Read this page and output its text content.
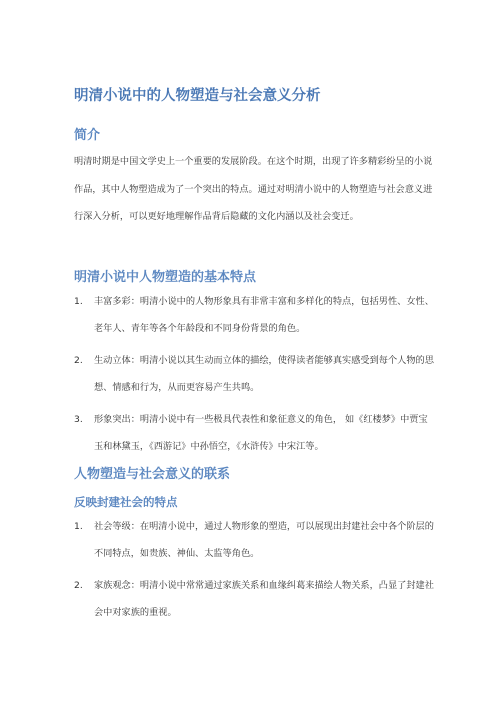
明清小说中的人物塑造与社会意义分析
简介

明清时期是中国文学史上一个重要的发展阶段。在这个时期，出现了许多精彩纷呈的小说作品，其中人物塑造成为了一个突出的特点。通过对明清小说中的人物塑造与社会意义进行深入分析，可以更好地理解作品背后隐藏的文化内涵以及社会变迁。

明清小说中人物塑造的基本特点
1. 丰富多彩：明清小说中的人物形象具有非常丰富和多样化的特点，包括男性、女性、老年人、青年等各个年龄段和不同身份背景的角色。
2. 生动立体：明清小说以其生动而立体的描绘，使得读者能够真实感受到每个人物的思想、情感和行为，从而更容易产生共鸣。
3. 形象突出：明清小说中有一些极具代表性和象征意义的角色， 如《红楼梦》中贾宝玉和林黛玉，《西游记》中孙悟空，《水浒传》中宋江等。
人物塑造与社会意义的联系
反映封建社会的特点
1. 社会等级：在明清小说中，通过人物形象的塑造，可以展现出封建社会中各个阶层的不同特点，如贵族、神仙、太监等角色。
2. 家族观念：明清小说中常常通过家族关系和血缘纠葛来描绘人物关系，凸显了封建社会中对家族的重视。
